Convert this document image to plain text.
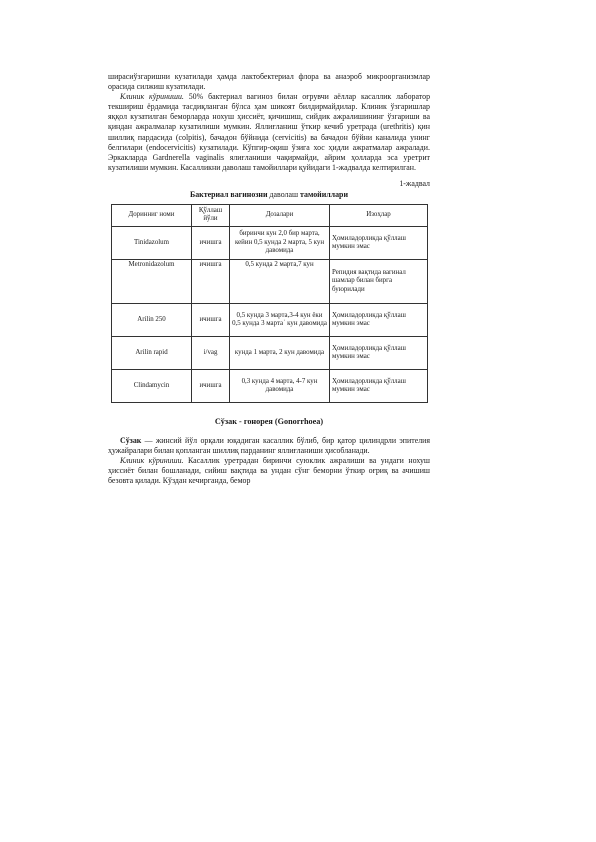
ширасиўзгаришни кузатилади ҳамда лактобектериал флора ва анаэроб микроорганизмлар орасида силжиш кузатилади.

Клиник кўриниши. 50% бактериал вагиноз билан оғрувчи аёллар касаллик лаборатор текшириш ёрдамида тасдиқланган бўлса ҳам шикоят билдирмайдилар. Клиник ўзгаришлар яққол кузатилган беморларда нохуш ҳиссиёт, қичишиш, сийдик ажралишининг ўзгариши ва қиндан ажралмалар кузатилиши мумкин. Яллиғланиш ўткир кечиб уретрада (urethritis) қин шиллиқ пардасида (colpitis), бачадон бўйнида (cervicitis) ва бачадон бўйни каналида унинг белгилари (endocervicitis) кузатилади. Кўпгир-оқиш ўзига хос ҳидли ажратмалар ажралади. Эркакларда Gardnerella vaginalis ялиғланиши чақирмайди, айрим ҳолларда эса уретрит кузатилиши мумкин. Касалликни даволаш тамойиллари қуйидаги 1-жадвалда келтирилган.

1-жадвал
Бактериал вагинозни даволаш тамойиллари
Доринниг номи	Қўллаш йўли	Дозалари	Изоҳлар
Tinidazolum	ичишга	биринчи кун 2,0 бир марта, кейин 0,5 кунда 2 марта, 5 кун давомида	Ҳомиладорликда қўллаш мумкин эмас
Metronidazolum	ичишга	0,5 кунда 2 марта,7 кун	Репидия вақтида вагинал шамлар билан бирга буюрилади
Arilin 250	ичишга	0,5 кунда 3 марта,3-4 кун ёки 0,5 кунда 3 мартаʾ кун давомида	Ҳомиладорликда қўллаш мумкин эмас
Arilin rapid	i/vag	кунда 1 марта, 2 кун давомида	Ҳомиладорликда қўллаш мумкин эмас
Clindamycin	ичишга	0,3 кунда 4 марта, 4-7 кун давомида	Ҳомиладорликда қўллаш мумкин эмас
Сўзак - гонорея (Gonorrhoea)

Сўзак — жинсий йўл орқали юқадиган касаллик бўлиб, бир қатор цилиндрли эпителия ҳужайралари билан қопланган шиллиқ парданинг яллиғланиши ҳисобланади.

Клиник кўриниши. Касаллик уретрадан биринчи суюклик ажралиши ва ундаги нохуш ҳиссиёт билан бошланади, сийиш вақтида ва ундан сўнг беморни ўткир оғриқ ва ачишиш безовта қилади. Кўздан кечирганда, бемор
